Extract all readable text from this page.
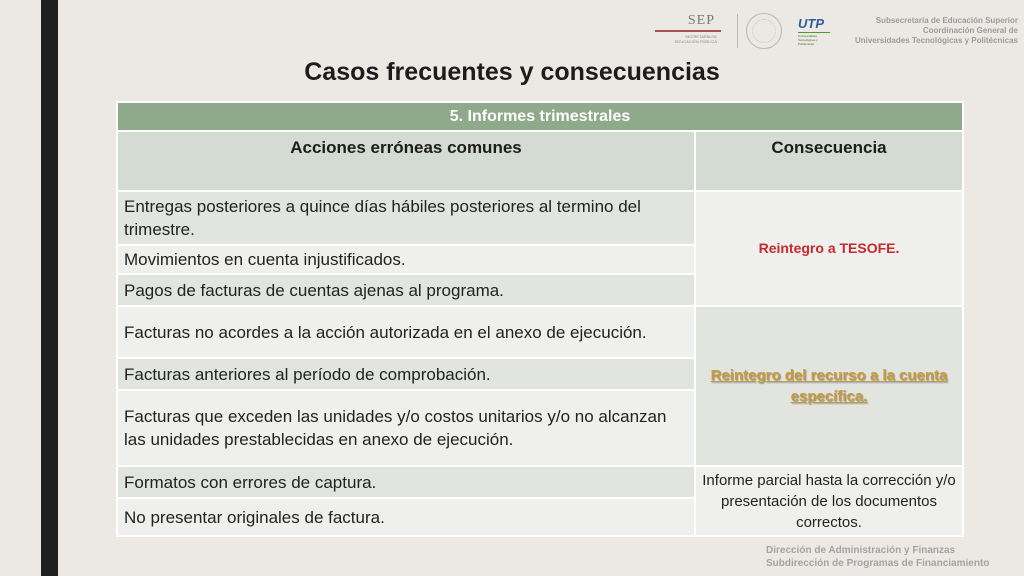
SEP
SECRETARÍA DE
EDUCACIÓN PÚBLICA
UTP
Universidades Tecnológicas y Politécnicas
Subsecretaría de Educación Superior
Coordinación General de
Universidades Tecnológicas y Politécnicas
Casos frecuentes y consecuencias
5. Informes trimestrales	
Acciones erróneas comunes	Consecuencia
Entregas posteriores a quince días hábiles posteriores al termino del trimestre.	Reintegro a TESOFE.
Movimientos en cuenta injustificados.	
Pagos de facturas de cuentas ajenas al programa.	
Facturas no acordes a la acción autorizada en el anexo de ejecución.	Reintegro del recurso a la cuenta específica.
Facturas anteriores al período de comprobación.	
Facturas que exceden las unidades y/o costos unitarios y/o no alcanzan las unidades prestablecidas en anexo de ejecución.	
Formatos con errores de captura.	Informe parcial hasta la corrección y/o presentación de los documentos correctos.
No presentar originales de factura.	
Dirección de Administración y Finanzas
Subdirección de Programas de Financiamiento
